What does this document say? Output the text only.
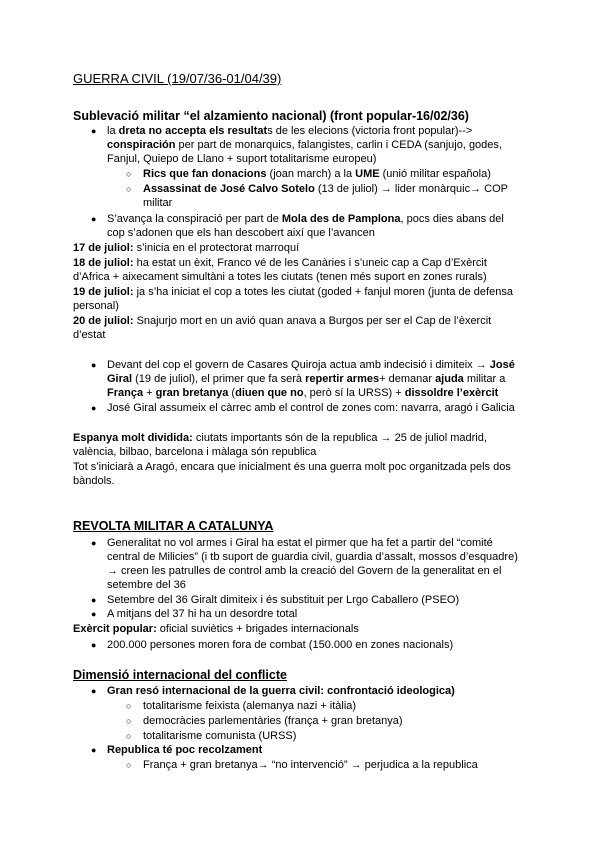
GUERRA CIVIL (19/07/36-01/04/39)
Sublevació militar “el alzamiento nacional) (front popular-16/02/36)
● la dreta no accepta els resultats de les elecions (victoria front popular)-->
conspiración per part de monarquics, falangistes, carlin i CEDA (sanjujo, godes,
Fanjul, Quiepo de Llano + suport totalitarisme europeu)
○ Rics que fan donacions (joan march) a la UME (unió militar española)
○ Assassinat de José Calvo Sotelo (13 de juliol) → lider monàrquic→ COP
militar
● S’avança la conspiració per part de Mola des de Pamplona, pocs dies abans del
cop s’adonen que els han descobert així que l’avancen
17 de juliol: s’inicia en el protectorat marroquí
18 de juliol: ha estat un èxit, Franco vé de les Canàries i s’uneic cap a Cap d’Exèrcit
d’Africa + aixecament simultàni a totes les ciutats (tenen més suport en zones rurals)
19 de juliol: ja s’ha iniciat el cop a totes les ciutat (goded + fanjul moren (junta de defensa
personal)
20 de juliol: Snajurjo mort en un avió quan anava a Burgos per ser el Cap de l’èxercit
d’estat
● Devant del cop el govern de Casares Quiroja actua amb indecisió i dimiteix → José
Giral (19 de juliol), el primer que fa serà repertir armes+ demanar ajuda militar a
França + gran bretanya (diuen que no, però sí la URSS) + dissoldre l’exèrcit
● José Giral assumeix el càrrec amb el control de zones com: navarra, aragó i Galicia
Espanya molt dividida: ciutats importants són de la republica → 25 de juliol madrid,
valència, bilbao, barcelona i màlaga són republica
Tot s’iniciarà a Aragó, encara que inicialment és una guerra molt poc organitzada pels dos
bàndols.
REVOLTA MILITAR A CATALUNYA
● Generalitat no vol armes i Giral ha estat el pirmer que ha fet a partir del “comité
central de Milicies” (i tb suport de guardia civil, guardia d’assalt, mossos d’esquadre)
→ creen les patrulles de control amb la creació del Govern de la generalitat en el
setembre del 36
● Setembre del 36 Giralt dimiteix i és substituit per Lrgo Caballero (PSEO)
● A mitjans del 37 hi ha un desordre total
Exèrcit popular: oficial suviètics + brigades internacionals
● 200.000 persones moren fora de combat (150.000 en zones nacionals)
Dimensió internacional del conflicte
● Gran resó internacional de la guerra civil: confrontació ideologica)
○ totalitarisme feixista (alemanya nazi + itàlia)
○ democràcies parlementàries (frança + gran bretanya)
○ totalitarisme comunista (URSS)
● Republica té poc recolzament
○ França + gran bretanya→ “no intervenció” → perjudica a la republica
